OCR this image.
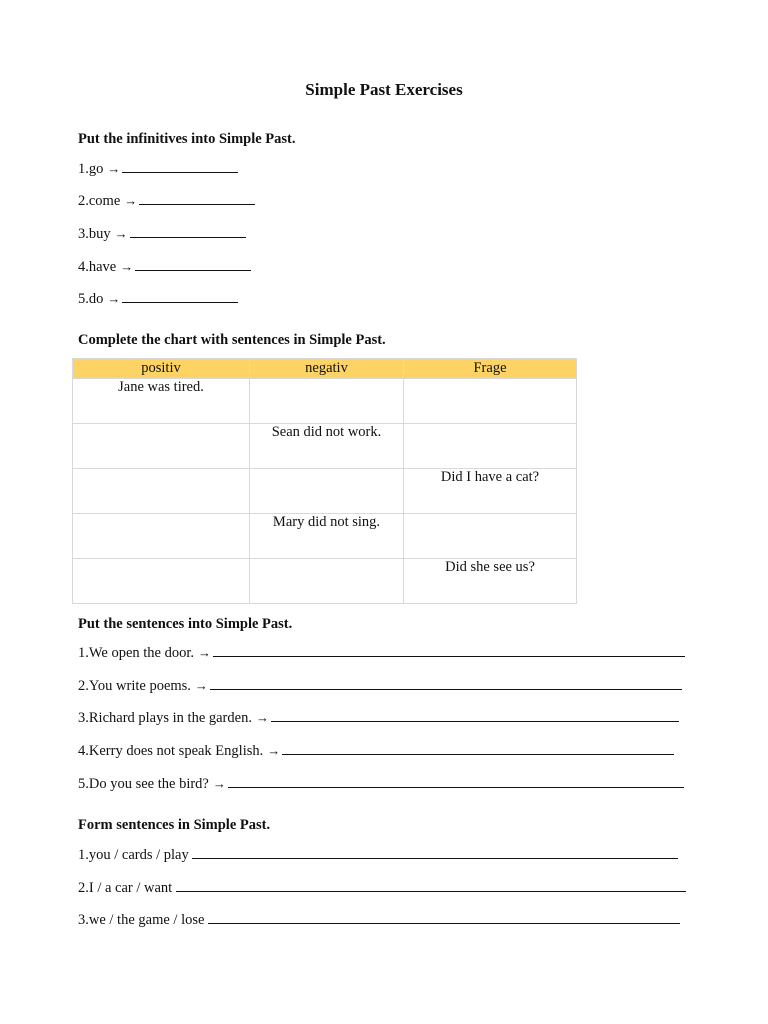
Simple Past Exercises
Put the infinitives into Simple Past.
1.go →
2.come →
3.buy →
4.have →
5.do →
Complete the chart with sentences in Simple Past.
positiv	negativ	Frage

Jane was tired.		

	Sean did not work.	

		Did I have a cat?

	Mary did not sing.	

		Did she see us?
Put the sentences into Simple Past.
1.We open the door. →
2.You write poems. →
3.Richard plays in the garden. →
4.Kerry does not speak English. →
5.Do you see the bird? →
Form sentences in Simple Past.
1.you / cards / play
2.I / a car / want
3.we / the game / lose
